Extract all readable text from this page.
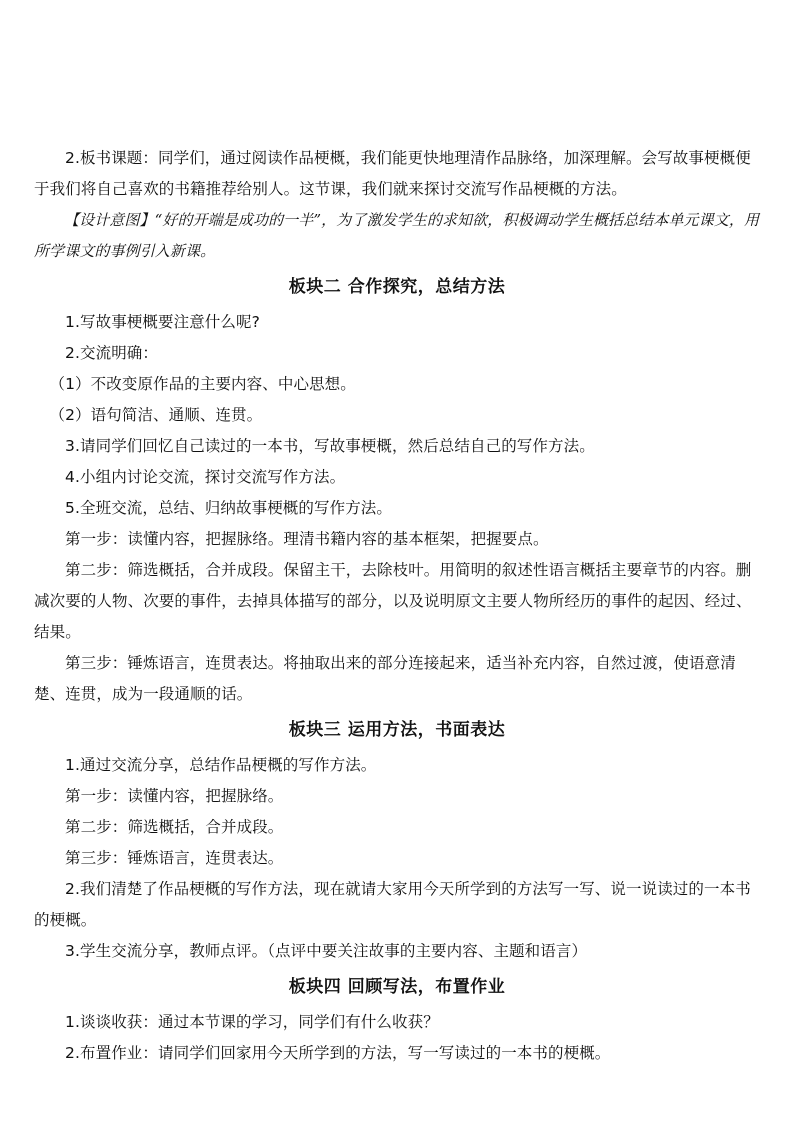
2.板书课题：同学们，通过阅读作品梗概，我们能更快地理清作品脉络，加深理解。会写故事梗概便于我们将自己喜欢的书籍推荐给别人。这节课，我们就来探讨交流写作品梗概的方法。

【设计意图】“好的开端是成功的一半”，为了激发学生的求知欲，积极调动学生概括总结本单元课文，用所学课文的事例引入新课。

板块二 合作探究，总结方法

1.写故事梗概要注意什么呢?

2.交流明确：

（1）不改变原作品的主要内容、中心思想。

（2）语句简洁、通顺、连贯。

3.请同学们回忆自己读过的一本书，写故事梗概，然后总结自己的写作方法。

4.小组内讨论交流，探讨交流写作方法。

5.全班交流，总结、归纳故事梗概的写作方法。

第一步：读懂内容，把握脉络。理清书籍内容的基本框架，把握要点。

第二步：筛选概括，合并成段。保留主干，去除枝叶。用简明的叙述性语言概括主要章节的内容。删减次要的人物、次要的事件，去掉具体描写的部分，以及说明原文主要人物所经历的事件的起因、经过、结果。

第三步：锤炼语言，连贯表达。将抽取出来的部分连接起来，适当补充内容，自然过渡，使语意清楚、连贯，成为一段通顺的话。

板块三 运用方法，书面表达

1.通过交流分享，总结作品梗概的写作方法。

第一步：读懂内容，把握脉络。

第二步：筛选概括，合并成段。

第三步：锤炼语言，连贯表达。

2.我们清楚了作品梗概的写作方法，现在就请大家用今天所学到的方法写一写、说一说读过的一本书的梗概。

3.学生交流分享，教师点评。（点评中要关注故事的主要内容、主题和语言）

板块四 回顾写法，布置作业

1.谈谈收获：通过本节课的学习，同学们有什么收获？

2.布置作业：请同学们回家用今天所学到的方法，写一写读过的一本书的梗概。
